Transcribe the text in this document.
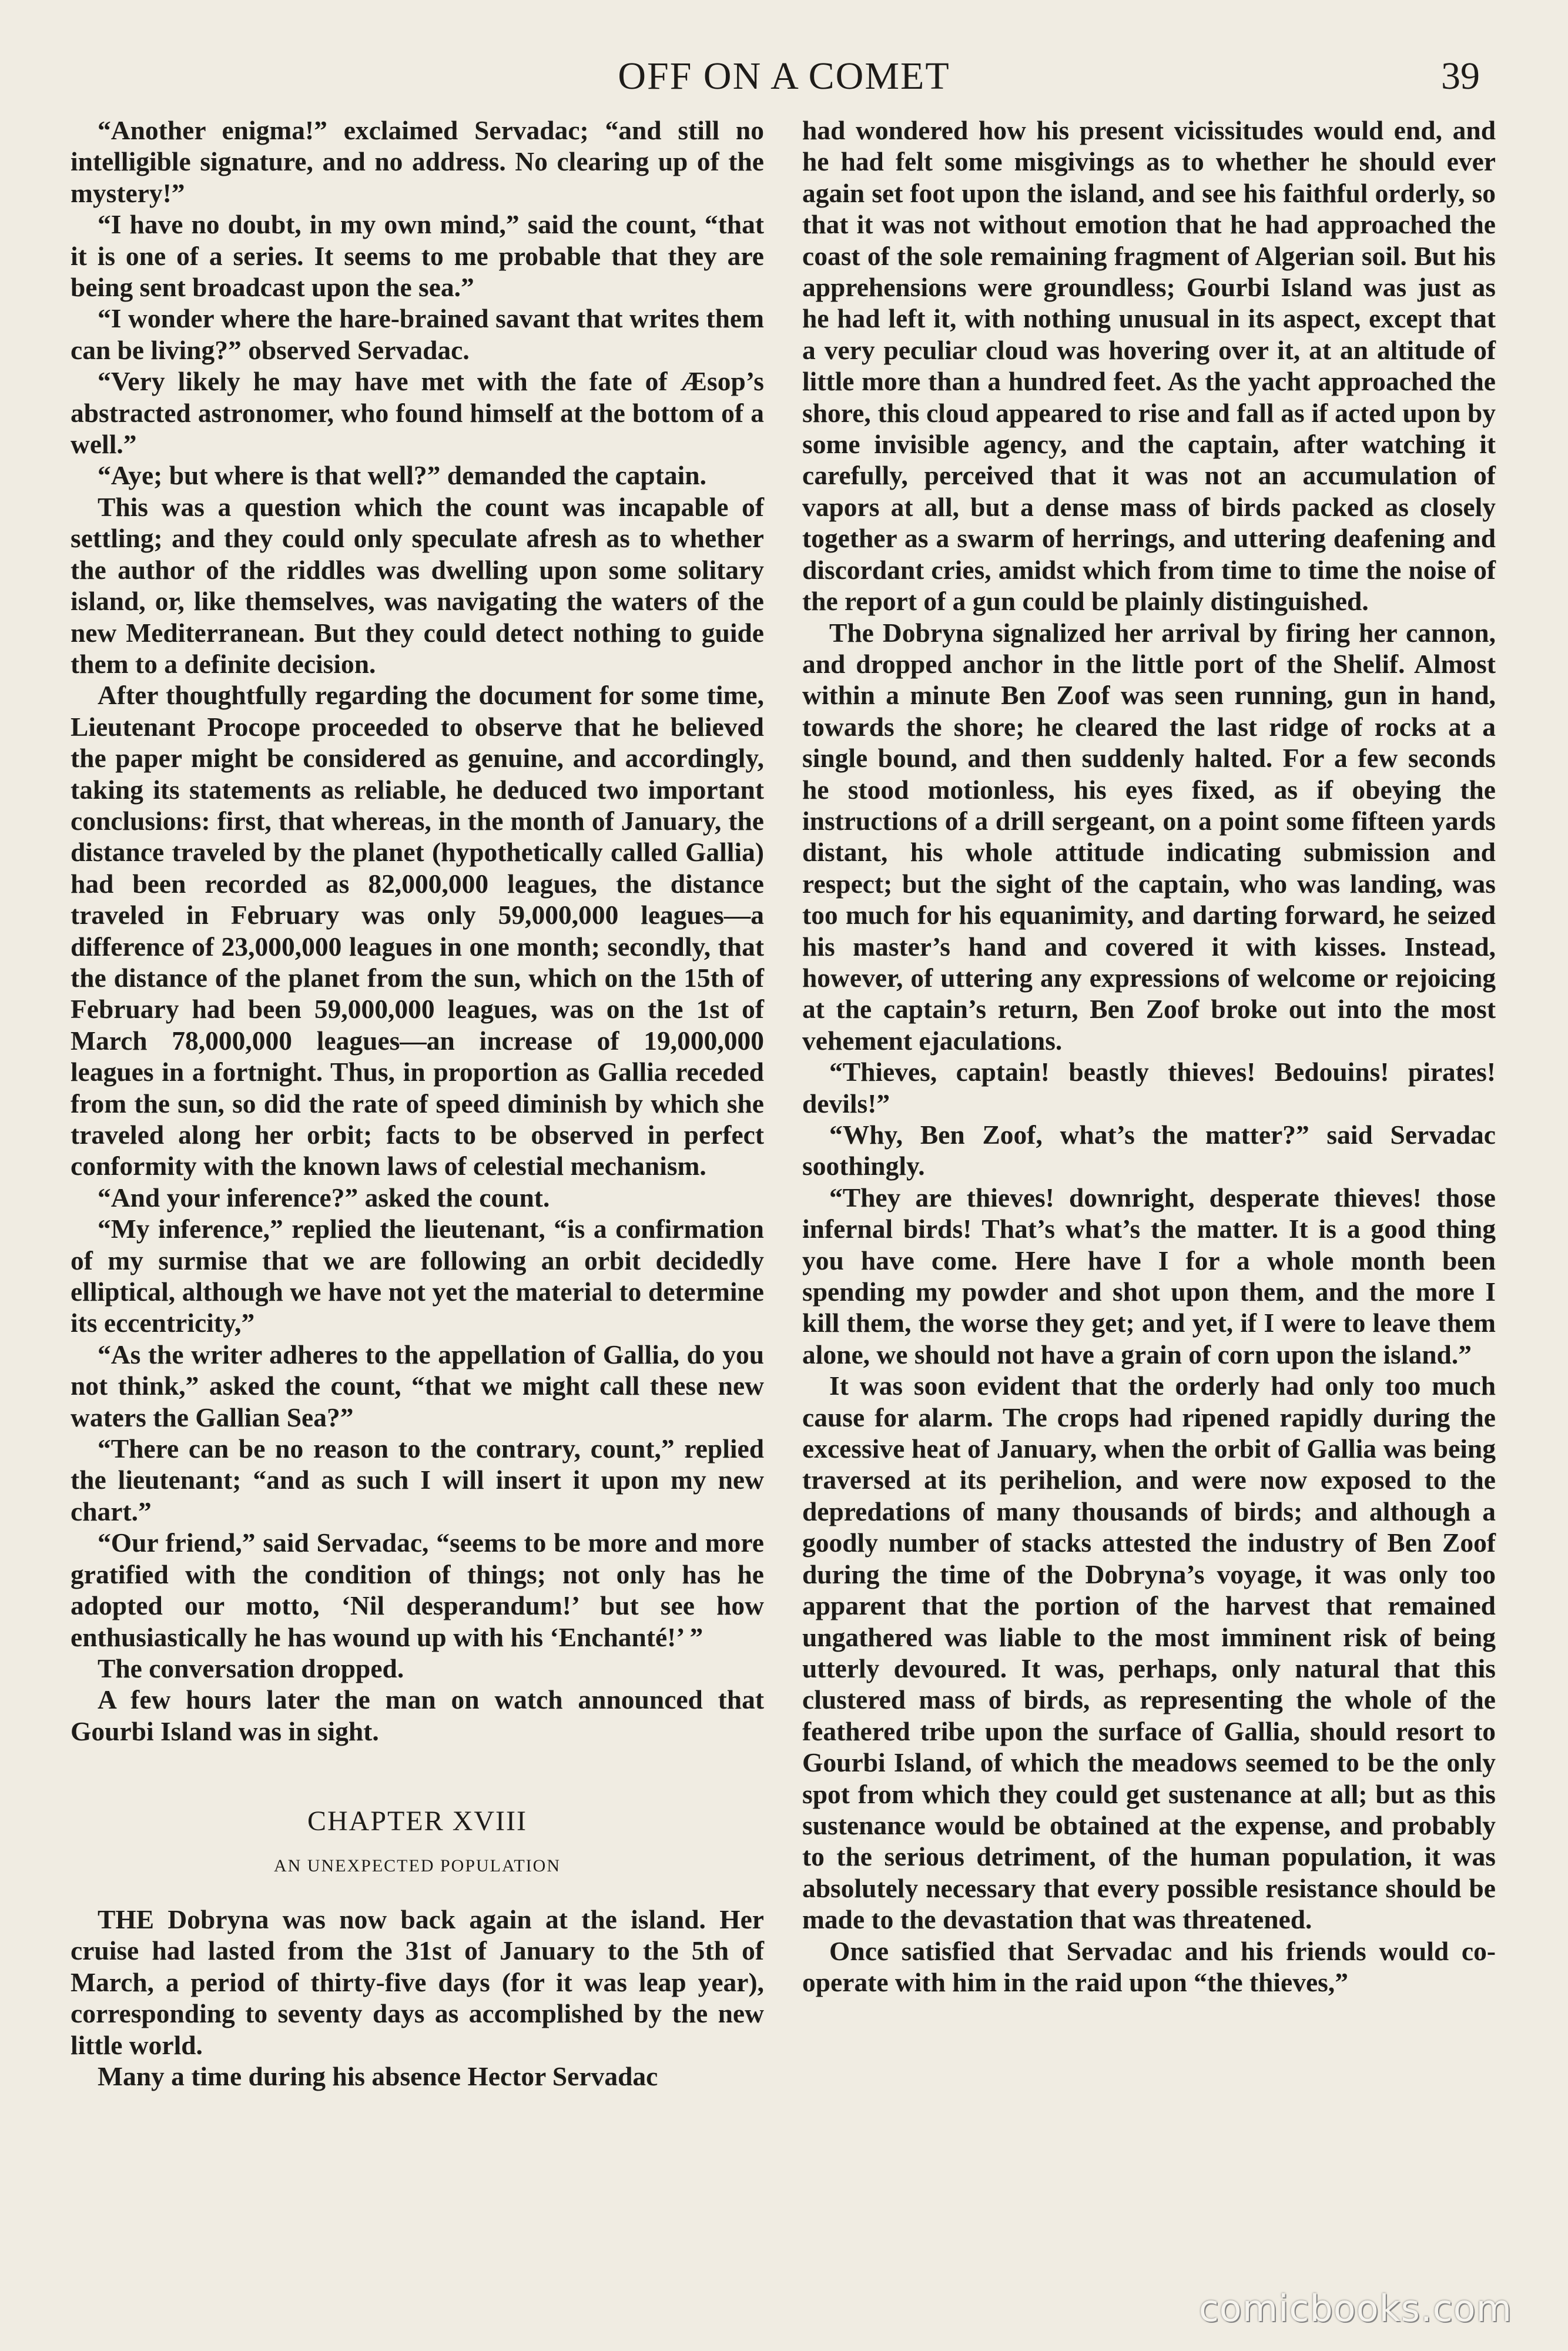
OFF ON A COMET	39

“Another enigma!” exclaimed Servadac; “and still no intelligible signature, and no address. No clearing up of the mystery!”

“I have no doubt, in my own mind,” said the count, “that it is one of a series. It seems to me probable that they are being sent broadcast upon the sea.”

“I wonder where the hare-brained savant that writes them can be living?” observed Servadac.

“Very likely he may have met with the fate of Æsop’s abstracted astronomer, who found himself at the bottom of a well.”

“Aye; but where is that well?” demanded the captain.

This was a question which the count was incapable of settling; and they could only speculate afresh as to whether the author of the riddles was dwelling upon some solitary island, or, like themselves, was navigating the waters of the new Mediterranean. But they could detect nothing to guide them to a definite decision.

After thoughtfully regarding the document for some time, Lieutenant Procope proceeded to observe that he believed the paper might be considered as genuine, and accordingly, taking its statements as reliable, he deduced two important conclusions: first, that whereas, in the month of January, the distance traveled by the planet (hypothetically called Gallia) had been recorded as 82,000,000 leagues, the distance traveled in February was only 59,000,000 leagues—a difference of 23,000,000 leagues in one month; secondly, that the distance of the planet from the sun, which on the 15th of February had been 59,000,000 leagues, was on the 1st of March 78,000,000 leagues—an increase of 19,000,000 leagues in a fortnight. Thus, in proportion as Gallia receded from the sun, so did the rate of speed diminish by which she traveled along her orbit; facts to be observed in perfect conformity with the known laws of celestial mechanism.

“And your inference?” asked the count.

“My inference,” replied the lieutenant, “is a confirmation of my surmise that we are following an orbit decidedly elliptical, although we have not yet the material to determine its eccentricity,”

“As the writer adheres to the appellation of Gallia, do you not think,” asked the count, “that we might call these new waters the Gallian Sea?”

“There can be no reason to the contrary, count,” replied the lieutenant; “and as such I will insert it upon my new chart.”

“Our friend,” said Servadac, “seems to be more and more gratified with the condition of things; not only has he adopted our motto, ‘Nil desperandum!’ but see how enthusiastically he has wound up with his ‘Enchanté!’ ”

The conversation dropped.

A few hours later the man on watch announced that Gourbi Island was in sight.

CHAPTER XVIII
AN UNEXPECTED POPULATION

THE Dobryna was now back again at the island. Her cruise had lasted from the 31st of January to the 5th of March, a period of thirty-five days (for it was leap year), corresponding to seventy days as accomplished by the new little world.

Many a time during his absence Hector Servadac

had wondered how his present vicissitudes would end, and he had felt some misgivings as to whether he should ever again set foot upon the island, and see his faithful orderly, so that it was not without emotion that he had approached the coast of the sole remaining fragment of Algerian soil. But his apprehensions were groundless; Gourbi Island was just as he had left it, with nothing unusual in its aspect, except that a very peculiar cloud was hovering over it, at an altitude of little more than a hundred feet. As the yacht approached the shore, this cloud appeared to rise and fall as if acted upon by some invisible agency, and the captain, after watching it carefully, perceived that it was not an accumulation of vapors at all, but a dense mass of birds packed as closely together as a swarm of herrings, and uttering deafening and discordant cries, amidst which from time to time the noise of the report of a gun could be plainly distinguished.

The Dobryna signalized her arrival by firing her cannon, and dropped anchor in the little port of the Shelif. Almost within a minute Ben Zoof was seen running, gun in hand, towards the shore; he cleared the last ridge of rocks at a single bound, and then suddenly halted. For a few seconds he stood motionless, his eyes fixed, as if obeying the instructions of a drill sergeant, on a point some fifteen yards distant, his whole attitude indicating submission and respect; but the sight of the captain, who was landing, was too much for his equanimity, and darting forward, he seized his master’s hand and covered it with kisses. Instead, however, of uttering any expressions of welcome or rejoicing at the captain’s return, Ben Zoof broke out into the most vehement ejaculations.

“Thieves, captain! beastly thieves! Bedouins! pirates! devils!”

“Why, Ben Zoof, what’s the matter?” said Servadac soothingly.

“They are thieves! downright, desperate thieves! those infernal birds! That’s what’s the matter. It is a good thing you have come. Here have I for a whole month been spending my powder and shot upon them, and the more I kill them, the worse they get; and yet, if I were to leave them alone, we should not have a grain of corn upon the island.”

It was soon evident that the orderly had only too much cause for alarm. The crops had ripened rapidly during the excessive heat of January, when the orbit of Gallia was being traversed at its perihelion, and were now exposed to the depredations of many thousands of birds; and although a goodly number of stacks attested the industry of Ben Zoof during the time of the Dobryna’s voyage, it was only too apparent that the portion of the harvest that remained ungathered was liable to the most imminent risk of being utterly devoured. It was, perhaps, only natural that this clustered mass of birds, as representing the whole of the feathered tribe upon the surface of Gallia, should resort to Gourbi Island, of which the meadows seemed to be the only spot from which they could get sustenance at all; but as this sustenance would be obtained at the expense, and probably to the serious detriment, of the human population, it was absolutely necessary that every possible resistance should be made to the devastation that was threatened.

Once satisfied that Servadac and his friends would co-operate with him in the raid upon “the thieves,”

comicbooks.com
